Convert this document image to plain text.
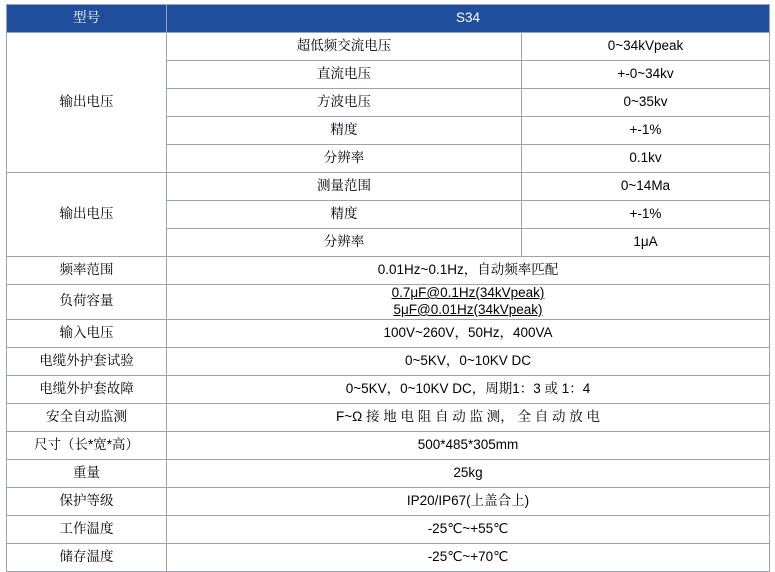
型号	S34	
输出电压	超低频交流电压	0~34kVpeak
	直流电压	+-0~34kv
	方波电压	0~35kv
	精度	+-1%
	分辨率	0.1kv
输出电压	测量范围	0~14Ma
	精度	+-1%
	分辨率	1μA
频率范围	0.01Hz~0.1Hz，自动频率匹配	
负荷容量	0.7μF@0.1Hz(34kVpeak)
5μF@0.01Hz(34kVpeak)	

输入电压	100V~260V，50Hz，400VA	
电缆外护套试验	0~5KV，0~10KV DC	
电缆外护套故障	0~5KV，0~10KV DC，周期1：3 或 1：4	
安全自动监测	F~Ω 接 地 电 阻 自 动 监 测， 全 自 动 放 电	
尺寸（长*宽*高）	500*485*305mm	
重量	25kg	
保护等级	IP20/IP67(上盖合上)	
工作温度	-25℃~+55℃	
储存温度	-25℃~+70℃	
